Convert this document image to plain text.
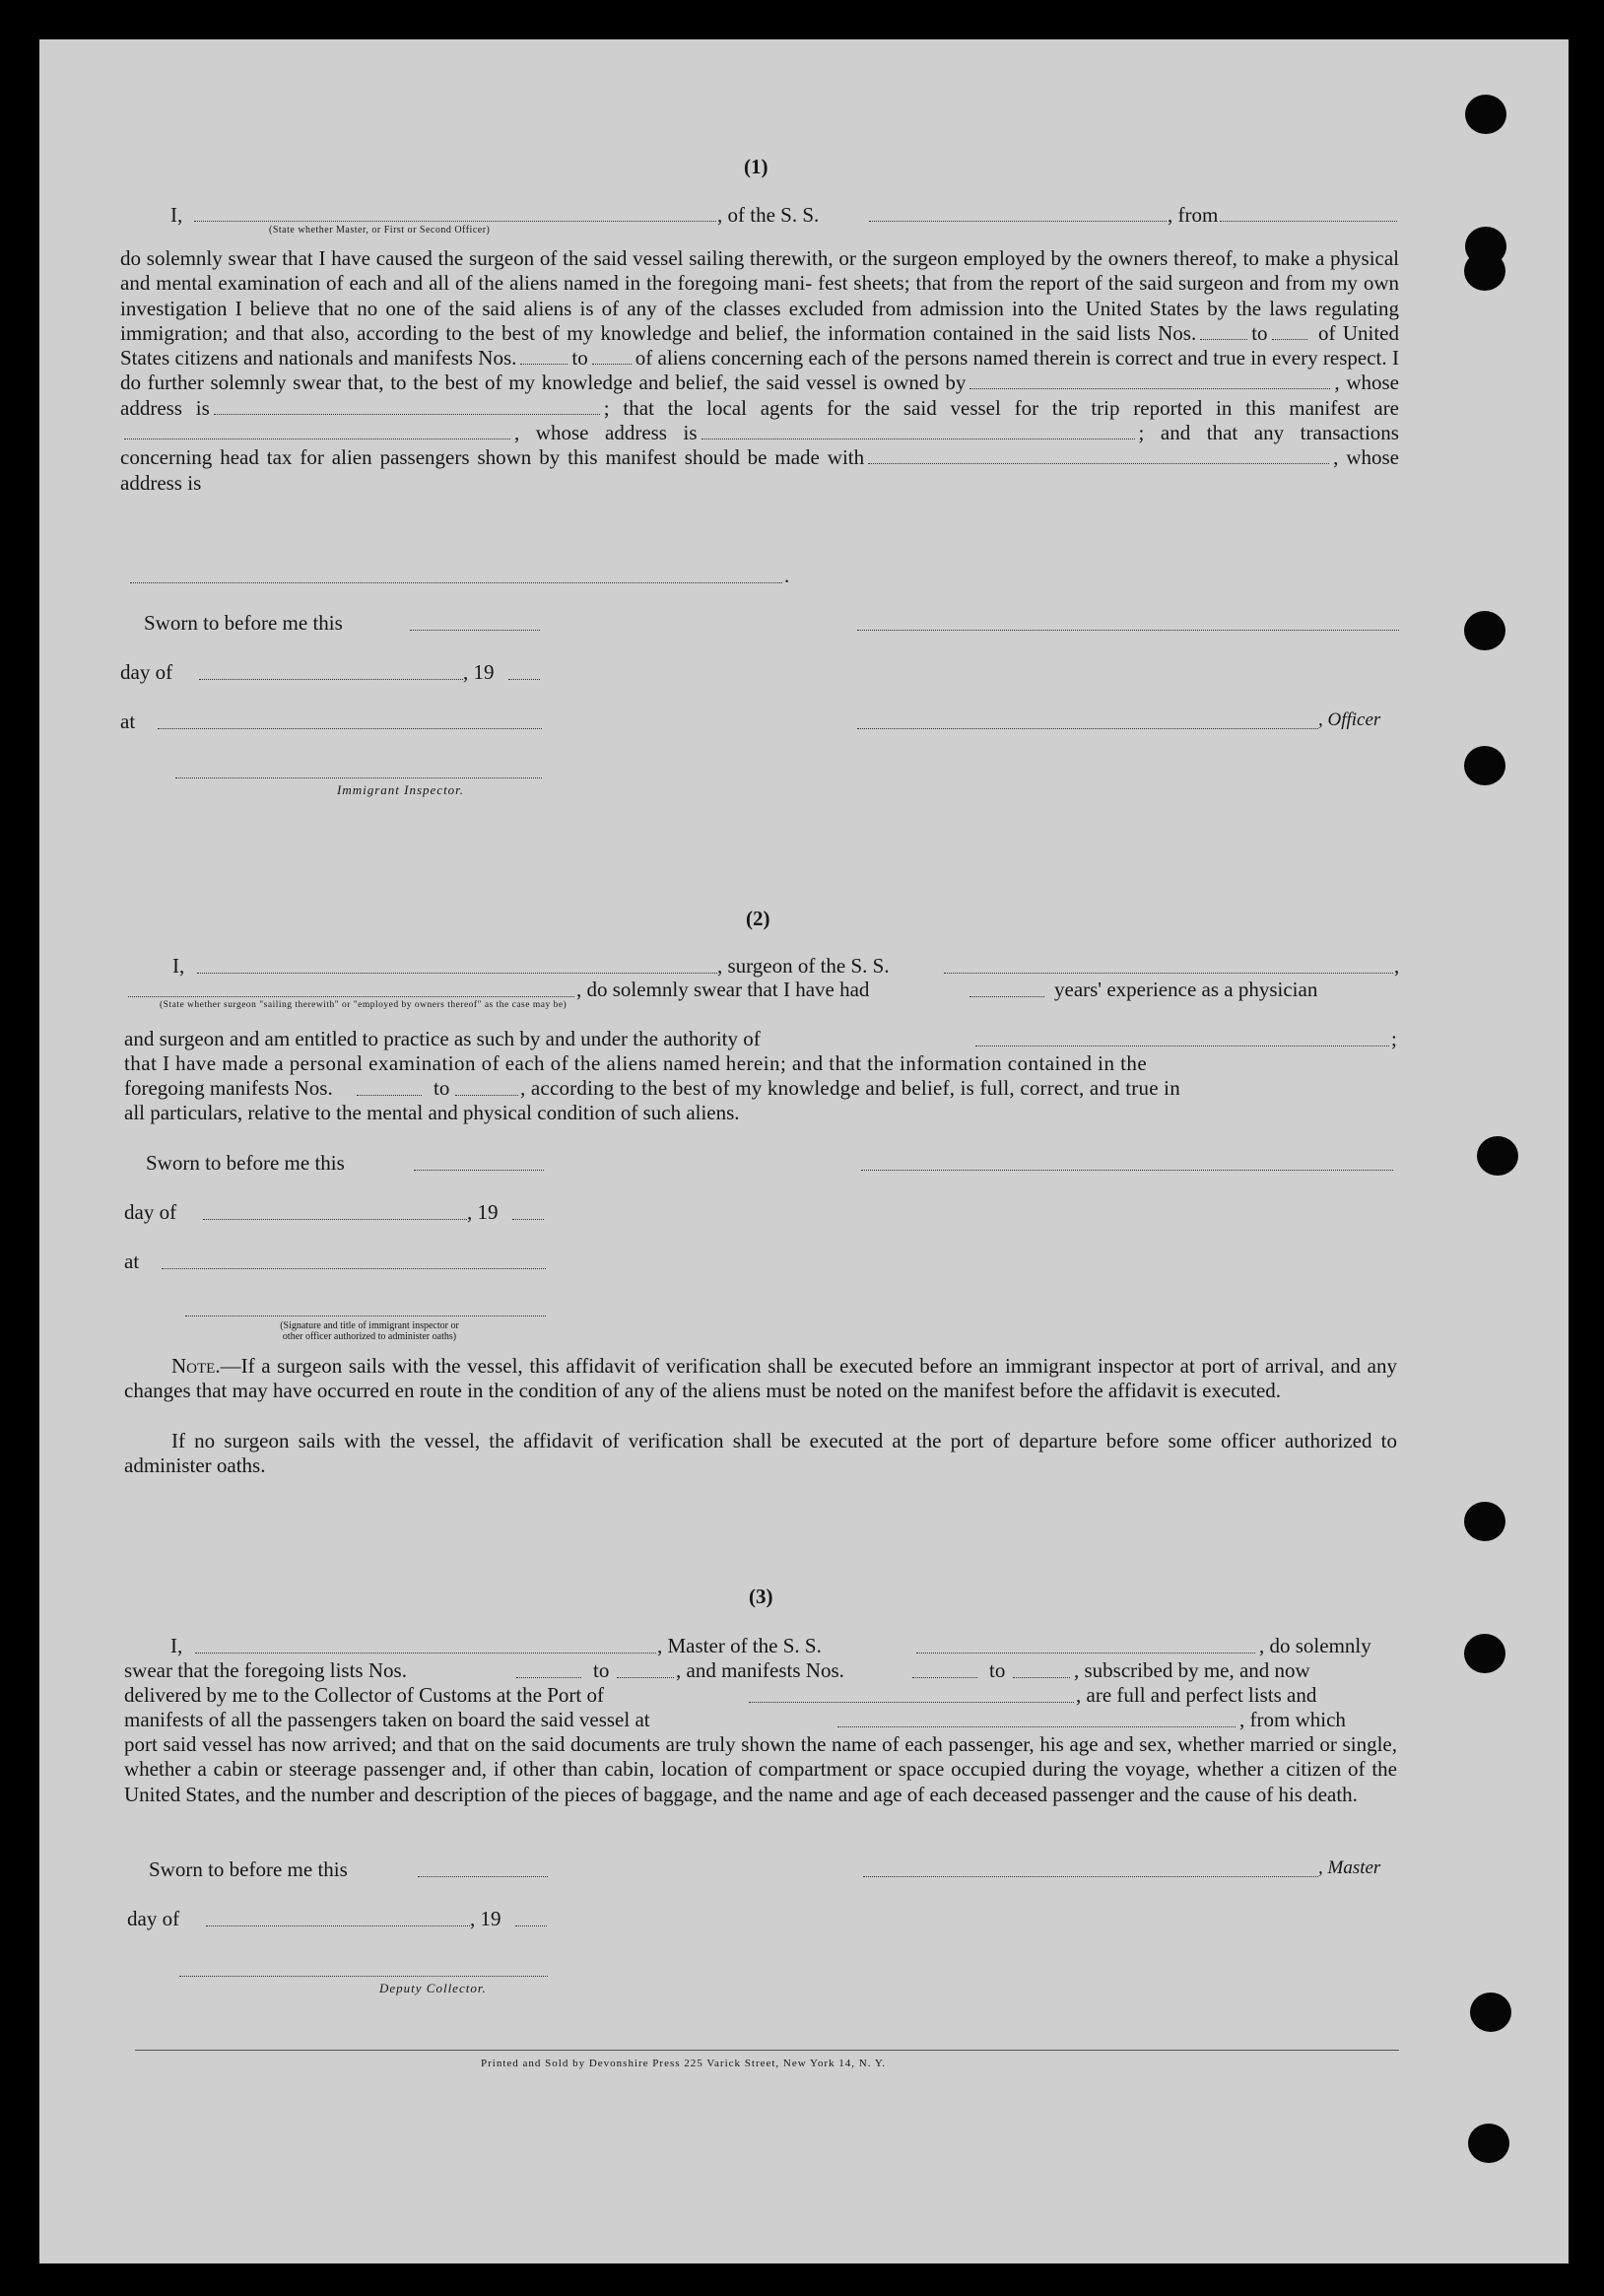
(1)
I,	, of the S. S.	, from
(State whether Master, or First or Second Officer)
do solemnly swear that I have caused the surgeon of the said vessel sailing therewith, or the surgeon employed by the owners thereof, to make a physical and mental examination of each and all of the aliens named in the foregoing mani- fest sheets; that from the report of the said surgeon and from my own investigation I believe that no one of the said aliens is of any of the classes excluded from admission into the United States by the laws regulating immigration; and that also, according to the best of my knowledge and belief, the information contained in the said lists Nos.	to of United States citizens and nationals and manifests Nos.	to of aliens concerning each of the persons named therein is correct and true in every respect. I do further solemnly swear that, to the best of my knowledge and belief, the said vessel is owned by	, whose address is	; that the local agents for the said vessel for the trip reported in this manifest are, whose address is	; and that any transactions concerning head tax for alien passengers shown by this manifest should be made with	, whose address is
.
Sworn to before me this
day of	, 19
at	, Officer
Immigrant Inspector.
(2)
I,	, surgeon of the S. S.	,
, do solemnly swear that I have had	years' experience as a physician
(State whether surgeon "sailing therewith" or "employed by owners thereof" as the case may be)
and surgeon and am entitled to practice as such by and under the authority of	;
that I have made a personal examination of each of the aliens named herein; and that the information contained in the
foregoing manifests Nos.	to	, according to the best of my knowledge and belief, is full, correct, and true in
all particulars, relative to the mental and physical condition of such aliens.
Sworn to before me this
day of	, 19
at
(Signature and title of immigrant inspector or
other officer authorized to administer oaths)

Note.—If a surgeon sails with the vessel, this affidavit of verification shall be executed before an immigrant inspector at port of arrival, and any changes that may have occurred en route in the condition of any of the aliens must be noted on the manifest before the affidavit is executed.

If no surgeon sails with the vessel, the affidavit of verification shall be executed at the port of departure before some officer authorized to administer oaths.

(3)
I,	, Master of the S. S.	, do solemnly
swear that the foregoing lists Nos.	to	, and manifests Nos.	to	, subscribed by me, and now
delivered by me to the Collector of Customs at the Port of	, are full and perfect lists and
manifests of all the passengers taken on board the said vessel at	, from which

port said vessel has now arrived; and that on the said documents are truly shown the name of each passenger, his age and sex, whether married or single, whether a cabin or steerage passenger and, if other than cabin, location of compartment or space occupied during the voyage, whether a citizen of the United States, and the number and description of the pieces of baggage, and the name and age of each deceased passenger and the cause of his death.

Sworn to before me this	, Master
day of	, 19
Deputy Collector.
Printed and Sold by Devonshire Press 225 Varick Street, New York 14, N. Y.
